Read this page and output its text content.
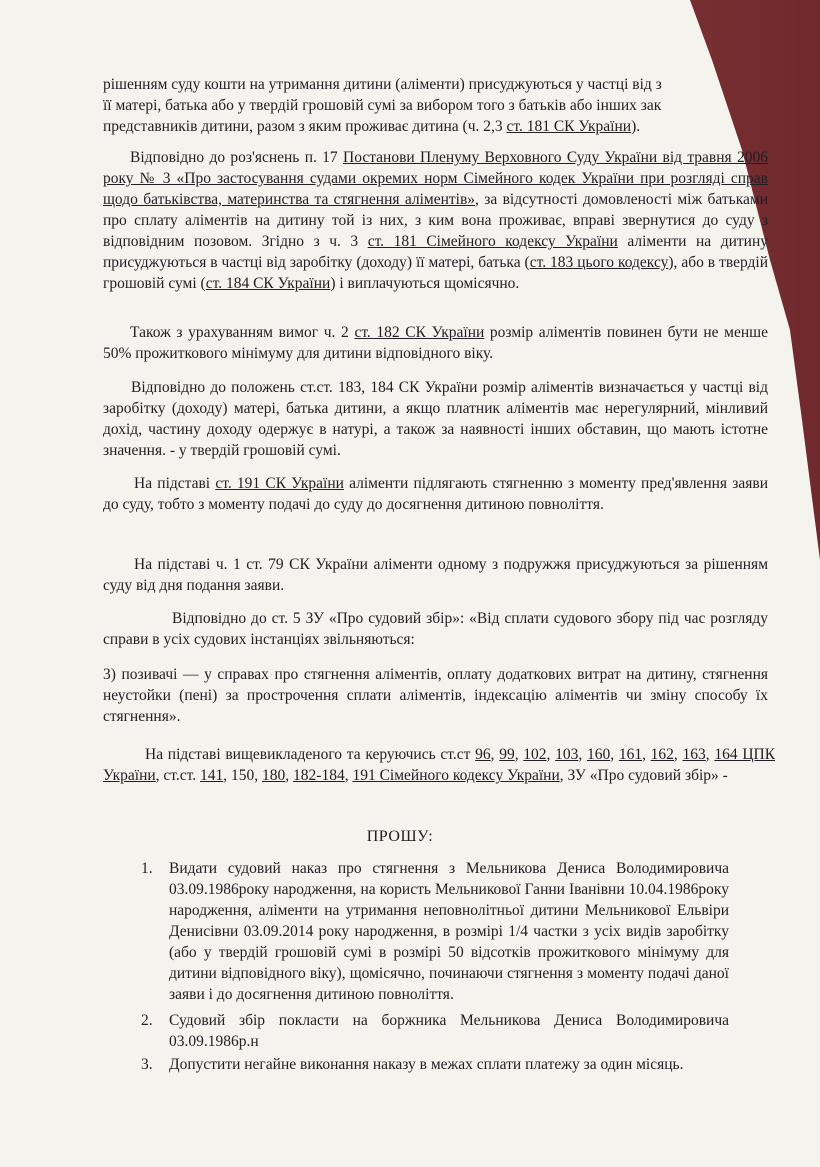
рішенням суду кошти на утримання дитини (аліменти) присуджуються у частці від з
її матері, батька або у твердій грошовій сумі за вибором того з батьків або інших зак
представників дитини, разом з яким проживає дитина (ч. 2,3 ст. 181 СК України).

Відповідно до роз'яснень п. 17 Постанови Пленуму Верховного Суду України від травня 2006 року № 3 «Про застосування судами окремих норм Сімейного кодек України при розгляді справ щодо батьківства, материнства та стягнення аліментів», за відсутності домовленості між батьками про сплату аліментів на дитину той із них, з ким вона проживає, вправі звернутися до суду з відповідним позовом. Згідно з ч. 3 ст. 181 Сімейного кодексу України аліменти на дитину присуджуються в частці від заробітку (доходу) її матері, батька (ст. 183 цього кодексу), або в твердій грошовій сумі (ст. 184 СК України) і виплачуються щомісячно.

Також з урахуванням вимог ч. 2 ст. 182 СК України розмір аліментів повинен бути не менше 50% прожиткового мінімуму для дитини відповідного віку.

Відповідно до положень ст.ст. 183, 184 СК України розмір аліментів визначається у частці від заробітку (доходу) матері, батька дитини, а якщо платник аліментів має нерегулярний, мінливий дохід, частину доходу одержує в натурі, а також за наявності інших обставин, що мають істотне значення. - у твердій грошовій сумі.

На підставі ст. 191 СК України аліменти підлягають стягненню з моменту пред'явлення заяви до суду, тобто з моменту подачі до суду до досягнення дитиною повноліття.

На підставі ч. 1 ст. 79 СК України аліменти одному з подружжя присуджуються за рішенням суду від дня подання заяви.

Відповідно до ст. 5 ЗУ «Про судовий збір»: «Від сплати судового збору під час розгляду справи в усіх судових інстанціях звільняються:

3) позивачі — у справах про стягнення аліментів, оплату додаткових витрат на дитину, стягнення неустойки (пені) за прострочення сплати аліментів, індексацію аліментів чи зміну способу їх стягнення».

На підставі вищевикладеного та керуючись ст.ст 96, 99, 102, 103, 160, 161, 162, 163, 164 ЦПК України, ст.ст. 141, 150, 180, 182-184, 191 Сімейного кодексу України, ЗУ «Про судовий збір» -

ПРОШУ:
1. Видати судовий наказ про стягнення з Мельникова Дениса Володимировича 03.09.1986року народження, на користь Мельникової Ганни Іванівни 10.04.1986року народження, аліменти на утримання неповнолітньої дитини Мельникової Ельвіри Денисівни 03.09.2014 року народження, в розмірі 1/4 частки з усіх видів заробітку (або у твердій грошовій сумі в розмірі 50 відсотків прожиткового мінімуму для дитини відповідного віку), щомісячно, починаючи стягнення з моменту подачі даної заяви і до досягнення дитиною повноліття.
2. Судовий збір покласти на боржника Мельникова Дениса Володимировича 03.09.1986р.н
3. Допустити негайне виконання наказу в межах сплати платежу за один місяць.
